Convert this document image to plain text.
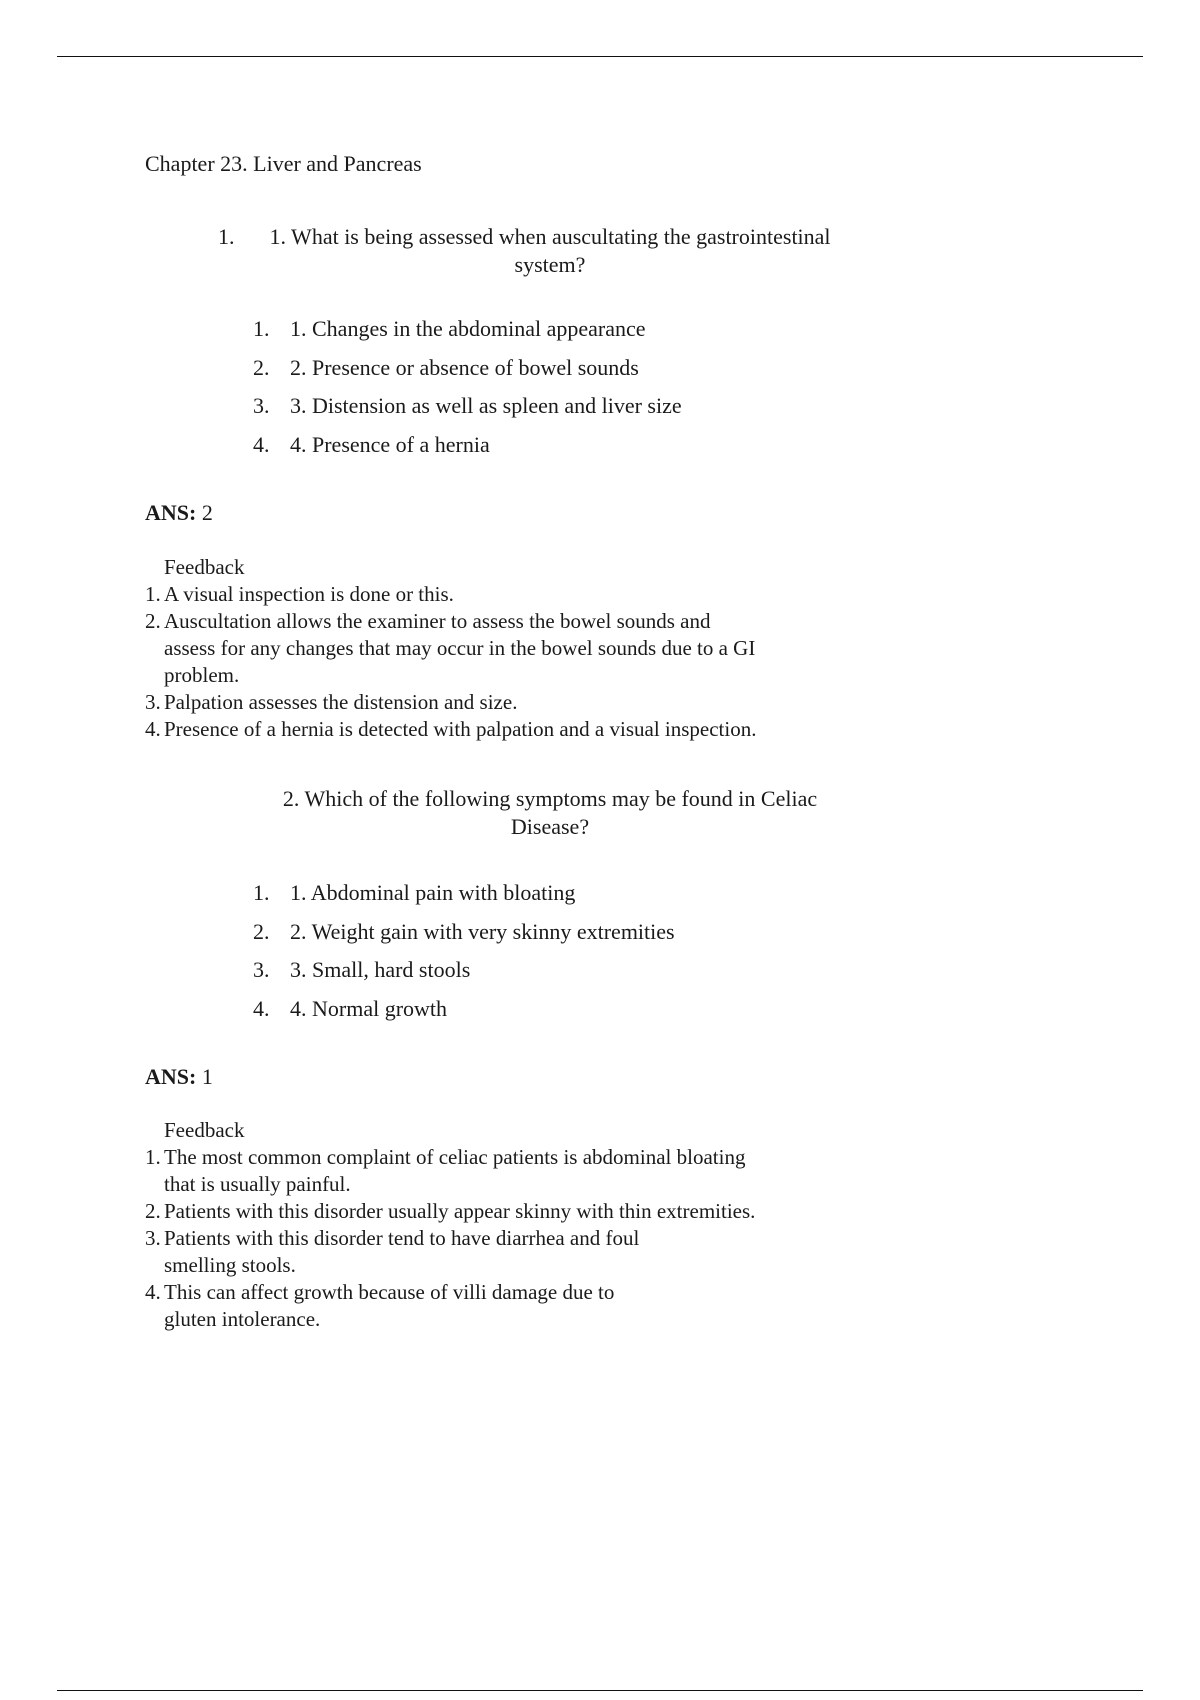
Chapter 23. Liver and Pancreas
1.	1. What is being assessed when auscultating the gastrointestinal
system?
1. 1. Changes in the abdominal appearance
2. 2. Presence or absence of bowel sounds
3. 3. Distension as well as spleen and liver size
4. 4. Presence of a hernia
ANS: 2
Feedback
1. A visual inspection is done or this.
2. Auscultation allows the examiner to assess the bowel sounds and
assess for any changes that may occur in the bowel sounds due to a GI
problem.
3. Palpation assesses the distension and size.
4. Presence of a hernia is detected with palpation and a visual inspection.
2. Which of the following symptoms may be found in Celiac
Disease?
1. 1. Abdominal pain with bloating
2. 2. Weight gain with very skinny extremities
3. 3. Small, hard stools
4. 4. Normal growth
ANS: 1
Feedback
1. The most common complaint of celiac patients is abdominal bloating
that is usually painful.
2. Patients with this disorder usually appear skinny with thin extremities.
3. Patients with this disorder tend to have diarrhea and foul
smelling stools.
4. This can affect growth because of villi damage due to
gluten intolerance.
